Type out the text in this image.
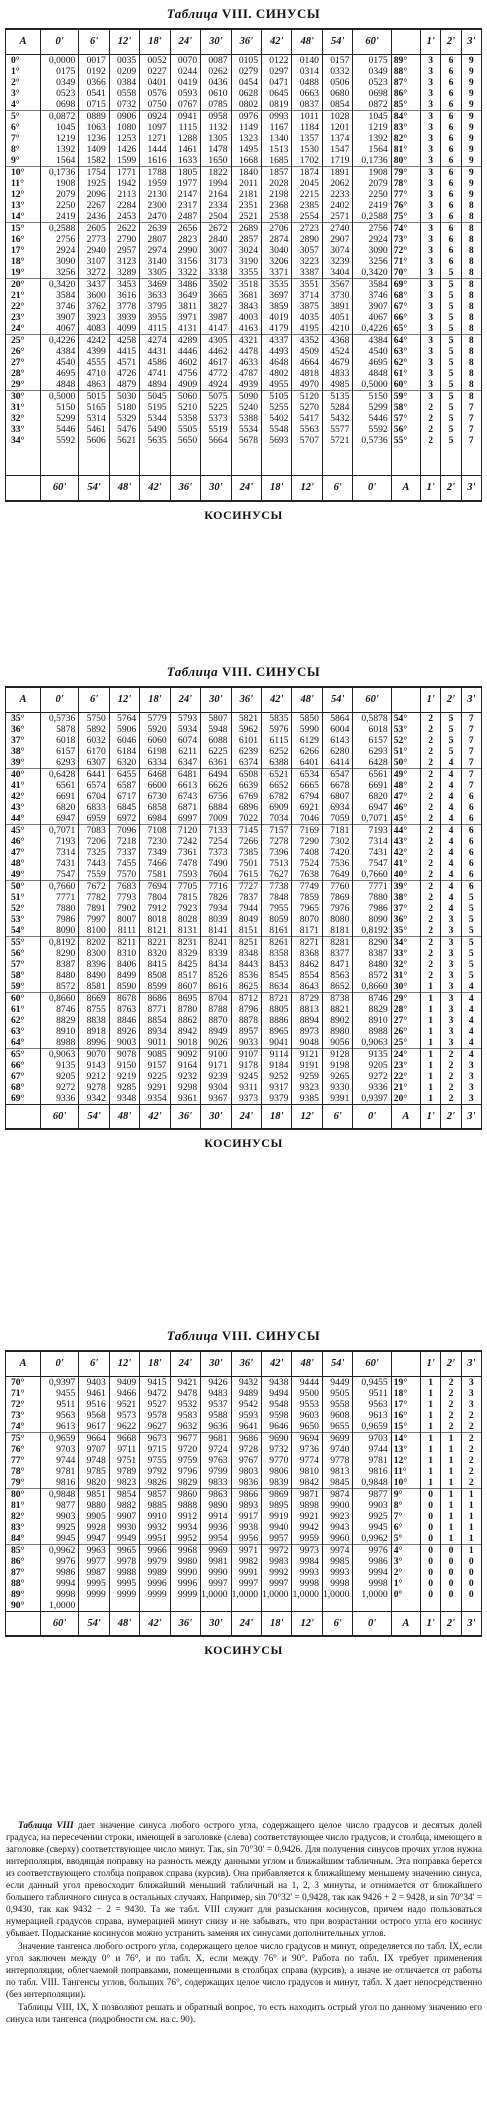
Таблица VIII. СИНУСЫ
A	0'	6'	12'	18'	24'	30'	36'	42'	48'	54'	60'		1'	2'	3'
0°	0,0000	0017	0035	0052	0070	0087	0105	0122	0140	0157	0175	89°	3	6	9
1°	0175	0192	0209	0227	0244	0262	0279	0297	0314	0332	0349	88°	3	6	9
2°	0349	0366	0384	0401	0419	0436	0454	0471	0488	0506	0523	87°	3	6	9
3°	0523	0541	0558	0576	0593	0610	0628	0645	0663	0680	0698	86°	3	6	9
4°	0698	0715	0732	0750	0767	0785	0802	0819	0837	0854	0872	85°	3	6	9
5°	0,0872	0889	0906	0924	0941	0958	0976	0993	1011	1028	1045	84°	3	6	9
6°	1045	1063	1080	1097	1115	1132	1149	1167	1184	1201	1219	83°	3	6	9
7°	1219	1236	1253	1271	1288	1305	1323	1340	1357	1374	1392	82°	3	6	9
8°	1392	1409	1426	1444	1461	1478	1495	1513	1530	1547	1564	81°	3	6	9
9°	1564	1582	1599	1616	1633	1650	1668	1685	1702	1719	0,1736	80°	3	6	9
10°	0,1736	1754	1771	1788	1805	1822	1840	1857	1874	1891	1908	79°	3	6	9
11°	1908	1925	1942	1959	1977	1994	2011	2028	2045	2062	2079	78°	3	6	9
12°	2079	2096	2113	2130	2147	2164	2181	2198	2215	2233	2250	77°	3	6	9
13°	2250	2267	2284	2300	2317	2334	2351	2368	2385	2402	2419	76°	3	6	8
14°	2419	2436	2453	2470	2487	2504	2521	2538	2554	2571	0,2588	75°	3	6	8
15°	0,2588	2605	2622	2639	2656	2672	2689	2706	2723	2740	2756	74°	3	6	8
16°	2756	2773	2790	2807	2823	2840	2857	2874	2890	2907	2924	73°	3	6	8
17°	2924	2940	2957	2974	2990	3007	3024	3040	3057	3074	3090	72°	3	6	8
18°	3090	3107	3123	3140	3156	3173	3190	3206	3223	3239	3256	71°	3	6	8
19°	3256	3272	3289	3305	3322	3338	3355	3371	3387	3404	0,3420	70°	3	5	8
20°	0,3420	3437	3453	3469	3486	3502	3518	3535	3551	3567	3584	69°	3	5	8
21°	3584	3600	3616	3633	3649	3665	3681	3697	3714	3730	3746	68°	3	5	8
22°	3746	3762	3778	3795	3811	3827	3843	3859	3875	3891	3907	67°	3	5	8
23°	3907	3923	3939	3955	3971	3987	4003	4019	4035	4051	4067	66°	3	5	8
24°	4067	4083	4099	4115	4131	4147	4163	4179	4195	4210	0,4226	65°	3	5	8
25°	0,4226	4242	4258	4274	4289	4305	4321	4337	4352	4368	4384	64°	3	5	8
26°	4384	4399	4415	4431	4446	4462	4478	4493	4509	4524	4540	63°	3	5	8
27°	4540	4555	4571	4586	4602	4617	4633	4648	4664	4679	4695	62°	3	5	8
28°	4695	4710	4726	4741	4756	4772	4787	4802	4818	4833	4848	61°	3	5	8
29°	4848	4863	4879	4894	4909	4924	4939	4955	4970	4985	0,5000	60°	3	5	8
30°	0,5000	5015	5030	5045	5060	5075	5090	5105	5120	5135	5150	59°	3	5	8
31°	5150	5165	5180	5195	5210	5225	5240	5255	5270	5284	5299	58°	2	5	7
32°	5299	5314	5329	5344	5358	5373	5388	5402	5417	5432	5446	57°	2	5	7
33°	5446	5461	5476	5490	5505	5519	5534	5548	5563	5577	5592	56°	2	5	7
34°	5592	5606	5621	5635	5650	5664	5678	5693	5707	5721	0,5736	55°	2	5	7

	60'	54'	48'	42'	36'	30'	24'	18'	12'	6'	0'	A	1'	2'	3'
КОСИНУСЫ
Таблица VIII. СИНУСЫ
A	0'	6'	12'	18'	24'	30'	36'	42'	48'	54'	60'		1'	2'	3'
35°	0,5736	5750	5764	5779	5793	5807	5821	5835	5850	5864	0,5878	54°	2	5	7
36°	5878	5892	5906	5920	5934	5948	5962	5976	5990	6004	6018	53°	2	5	7
37°	6018	6032	6046	6060	6074	6088	6101	6115	6129	6143	6157	52°	2	5	7
38°	6157	6170	6184	6198	6211	6225	6239	6252	6266	6280	6293	51°	2	5	7
39°	6293	6307	6320	6334	6347	6361	6374	6388	6401	6414	6428	50°	2	4	7
40°	0,6428	6441	6455	6468	6481	6494	6508	6521	6534	6547	6561	49°	2	4	7
41°	6561	6574	6587	6600	6613	6626	6639	6652	6665	6678	6691	48°	2	4	7
42°	6691	6704	6717	6730	6743	6756	6769	6782	6794	6807	6820	47°	2	4	6
43°	6820	6833	6845	6858	6871	6884	6896	6909	6921	6934	6947	46°	2	4	6
44°	6947	6959	6972	6984	6997	7009	7022	7034	7046	7059	0,7071	45°	2	4	6
45°	0,7071	7083	7096	7108	7120	7133	7145	7157	7169	7181	7193	44°	2	4	6
46°	7193	7206	7218	7230	7242	7254	7266	7278	7290	7302	7314	43°	2	4	6
47°	7314	7325	7337	7349	7361	7373	7385	7396	7408	7420	7431	42°	2	4	6
48°	7431	7443	7455	7466	7478	7490	7501	7513	7524	7536	7547	41°	2	4	6
49°	7547	7559	7570	7581	7593	7604	7615	7627	7638	7649	0,7660	40°	2	4	6
50°	0,7660	7672	7683	7694	7705	7716	7727	7738	7749	7760	7771	39°	2	4	6
51°	7771	7782	7793	7804	7815	7826	7837	7848	7859	7869	7880	38°	2	4	5
52°	7880	7891	7902	7912	7923	7934	7944	7955	7965	7976	7986	37°	2	4	5
53°	7986	7997	8007	8018	8028	8039	8049	8059	8070	8080	8090	36°	2	3	5
54°	8090	8100	8111	8121	8131	8141	8151	8161	8171	8181	0,8192	35°	2	3	5
55°	0,8192	8202	8211	8221	8231	8241	8251	8261	8271	8281	8290	34°	2	3	5
56°	8290	8300	8310	8320	8329	8339	8348	8358	8368	8377	8387	33°	2	3	5
57°	8387	8396	8406	8415	8425	8434	8443	8453	8462	8471	8480	32°	2	3	5
58°	8480	8490	8499	8508	8517	8526	8536	8545	8554	8563	8572	31°	2	3	5
59°	8572	8581	8590	8599	8607	8616	8625	8634	8643	8652	0,8660	30°	1	3	4
60°	0,8660	8669	8678	8686	8695	8704	8712	8721	8729	8738	8746	29°	1	3	4
61°	8746	8755	8763	8771	8780	8788	8796	8805	8813	8821	8829	28°	1	3	4
62°	8829	8838	8846	8854	8862	8870	8878	8886	8894	8902	8910	27°	1	3	4
63°	8910	8918	8926	8934	8942	8949	8957	8965	8973	8980	8988	26°	1	3	4
64°	8988	8996	9003	9011	9018	9026	9033	9041	9048	9056	0,9063	25°	1	3	4
65°	0,9063	9070	9078	9085	9092	9100	9107	9114	9121	9128	9135	24°	1	2	4
66°	9135	9143	9150	9157	9164	9171	9178	9184	9191	9198	9205	23°	1	2	3
67°	9205	9212	9219	9225	9232	9239	9245	9252	9259	9265	9272	22°	1	2	3
68°	9272	9278	9285	9291	9298	9304	9311	9317	9323	9330	9336	21°	1	2	3
69°	9336	9342	9348	9354	9361	9367	9373	9379	9385	9391	0,9397	20°	1	2	3
	60'	54'	48'	42'	36'	30'	24'	18'	12'	6'	0'	A	1'	2'	3'
КОСИНУСЫ
Таблица VIII. СИНУСЫ
A	0'	6'	12'	18'	24'	30'	36'	42'	48'	54'	60'		1'	2'	3'
70°	0,9397	9403	9409	9415	9421	9426	9432	9438	9444	9449	0,9455	19°	1	2	3
71°	9455	9461	9466	9472	9478	9483	9489	9494	9500	9505	9511	18°	1	2	3
72°	9511	9516	9521	9527	9532	9537	9542	9548	9553	9558	9563	17°	1	2	3
73°	9563	9568	9573	9578	9583	9588	9593	9598	9603	9608	9613	16°	1	2	2
74°	9613	9617	9622	9627	9632	9636	9641	9646	9650	9655	0,9659	15°	1	2	2
75°	0,9659	9664	9668	9673	9677	9681	9686	9690	9694	9699	9703	14°	1	1	2
76°	9703	9707	9711	9715	9720	9724	9728	9732	9736	9740	9744	13°	1	1	2
77°	9744	9748	9751	9755	9759	9763	9767	9770	9774	9778	9781	12°	1	1	2
78°	9781	9785	9789	9792	9796	9799	9803	9806	9810	9813	9816	11°	1	1	2
79°	9816	9820	9823	9826	9829	9833	9836	9839	9842	9845	0,9848	10°	1	1	2
80°	0,9848	9851	9854	9857	9860	9863	9866	9869	9871	9874	9877	9°	0	1	1
81°	9877	9880	9882	9885	9888	9890	9893	9895	9898	9900	9903	8°	0	1	1
82°	9903	9905	9907	9910	9912	9914	9917	9919	9921	9923	9925	7°	0	1	1
83°	9925	9928	9930	9932	9934	9936	9938	9940	9942	9943	9945	6°	0	1	1
84°	9945	9947	9949	9951	9952	9954	9956	9957	9959	9960	0,9962	5°	0	1	1
85°	0,9962	9963	9965	9966	9968	9969	9971	9972	9973	9974	9976	4°	0	0	1
86°	9976	9977	9978	9979	9980	9981	9982	9983	9984	9985	9986	3°	0	0	0
87°	9986	9987	9988	9989	9990	9990	9991	9992	9993	9993	9994	2°	0	0	0
88°	9994	9995	9995	9996	9996	9997	9997	9997	9998	9998	9998	1°	0	0	0
89°	9998	9999	9999	9999	9999	1,0000	1,0000	1,0000	1,0000	1,0000	1,0000	0°	0	0	0
90°	1,0000														
	60'	54'	48'	42'	36'	30'	24'	18'	12'	6'	0'	A	1'	2'	3'
КОСИНУСЫ

Таблица VIII дает значение синуса любого острого угла, содержащего целое число градусов и десятых долей градуса, на пересечении строки, имеющей в заголовке (слева) соответствующее число градусов, и столбца, имеющего в заголовке (сверху) соответствующее число минут. Так, sin 70°30' = 0,9426. Для получения синусов прочих углов нужна интерполяция, вводящая поправку на разность между данными углом и ближайшим табличным. Эта поправка берется из соответствующего столбца поправок справа (курсив). Она прибавляется к ближайшему меньшему значению синуса, если данный угол превосходит ближайший меньший табличный на 1, 2, 3 минуты, и отнимается от ближайшего большего табличного синуса в остальных случаях. Например, sin 70°32' = 0,9428, так как 9426 + 2 = 9428, и sin 70°34' = 0,9430, так как 9432 − 2 = 9430. Та же табл. VIII служит для разыскания косинусов, причем надо пользоваться нумерацией градусов справа, нумерацией минут снизу и не забывать, что при возрастании острого угла его косинус убывает. Подыскание косинусов можно устранить заменяя их синусами дополнительных углов.

Значение тангенса любого острого угла, содержащего целое число градусов и минут, определяется по табл. IX, если угол заключен между 0° и 76°, и по табл. X, если между 76° и 90°. Работа по табл. IX требует применения интерполяции, облегчаемой поправками, помещенными в столбцах справа (курсив), а иначе не отличается от работы по табл. VIII. Тангенсы углов, больших 76°, содержащих целое число градусов и минут, табл. X дает непосредственно (без интерполяции).

Таблицы VIII, IX, X позволяют решать и обратный вопрос, то есть находить острый угол по данному значению его синуса или тангенса (подробности см. на с. 90).
